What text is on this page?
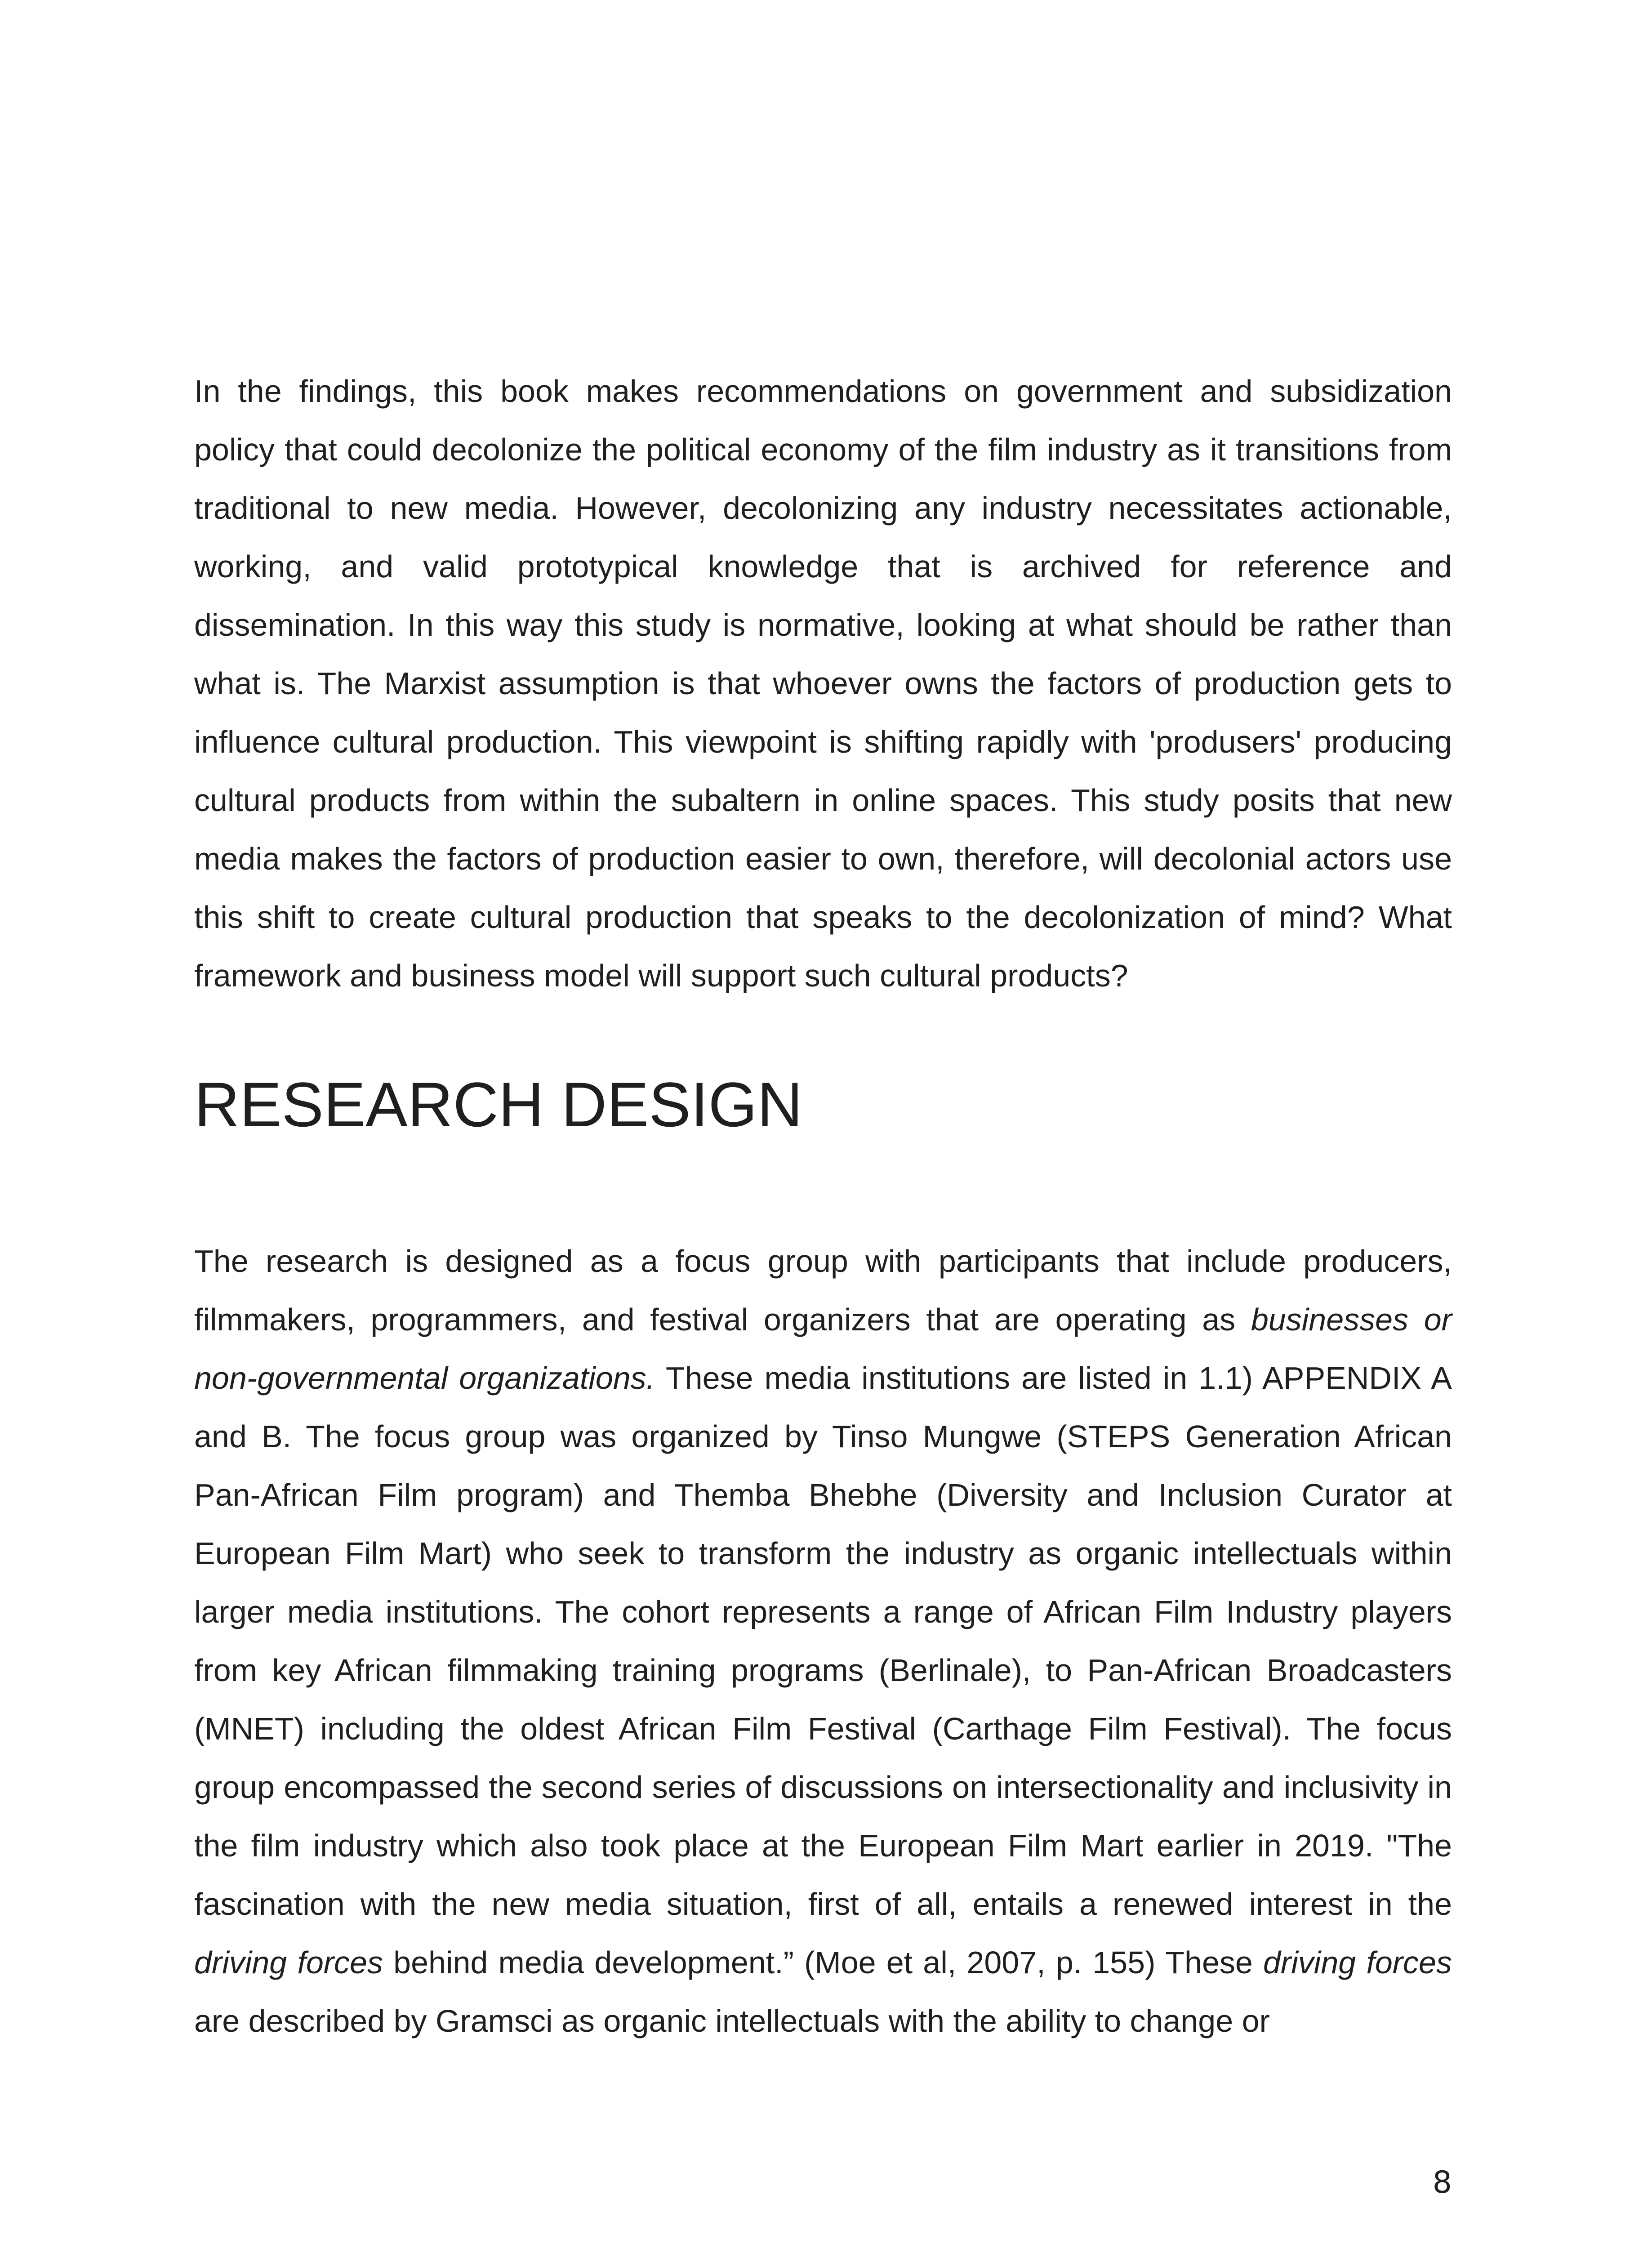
In the findings, this book makes recommendations on government and subsidization policy that could decolonize the political economy of the film industry as it transitions from traditional to new media. However, decolonizing any industry necessitates actionable, working, and valid prototypical knowledge that is archived for reference and dissemination. In this way this study is normative, looking at what should be rather than what is. The Marxist assumption is that whoever owns the factors of production gets to influence cultural production. This viewpoint is shifting rapidly with 'produsers' producing cultural products from within the subaltern in online spaces. This study posits that new media makes the factors of production easier to own, therefore, will decolonial actors use this shift to create cultural production that speaks to the decolonization of mind? What framework and business model will support such cultural products?

RESEARCH DESIGN

The research is designed as a focus group with participants that include producers, filmmakers, programmers, and festival organizers that are operating as businesses or non-governmental organizations. These media institutions are listed in 1.1) APPENDIX A and B. The focus group was organized by Tinso Mungwe (STEPS Generation African Pan-African Film program) and Themba Bhebhe (Diversity and Inclusion Curator at European Film Mart) who seek to transform the industry as organic intellectuals within larger media institutions. The cohort represents a range of African Film Industry players from key African filmmaking training programs (Berlinale), to Pan-African Broadcasters (MNET) including the oldest African Film Festival (Carthage Film Festival). The focus group encompassed the second series of discussions on intersectionality and inclusivity in the film industry which also took place at the European Film Mart earlier in 2019. "The fascination with the new media situation, first of all, entails a renewed interest in the driving forces behind media development.” (Moe et al, 2007, p. 155) These driving forces are described by Gramsci as organic intellectuals with the ability to change or

8
